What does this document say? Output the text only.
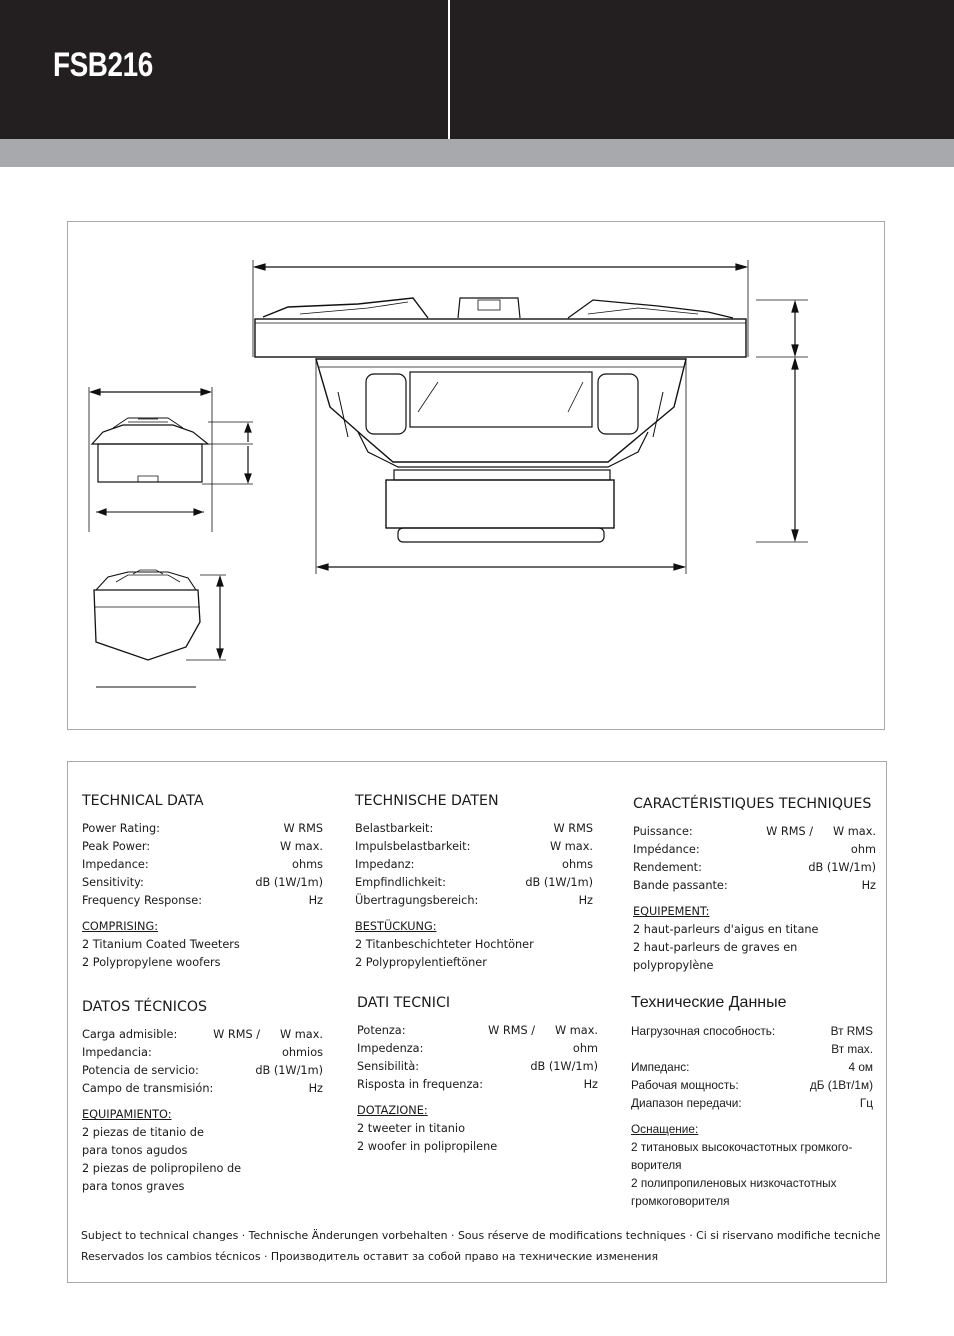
FSB216
TECHNICAL DATA
Power Rating:	W RMS
Peak Power:	W max.
Impedance:	ohms
Sensitivity:	dB (1W/1m)
Frequency Response:	Hz
COMPRISING:
2 Titanium Coated Tweeters
2 Polypropylene woofers
TECHNISCHE DATEN
Belastbarkeit:	W RMS
Impulsbelastbarkeit:	W max.
Impedanz:	ohms
Empfindlichkeit:	dB (1W/1m)
Übertragungsbereich:	Hz
BESTÜCKUNG:
2 Titanbeschichteter Hochtöner
2 Polypropylentieftöner
CARACTÉRISTIQUES TECHNIQUES
Puissance:	W RMS / W max.
Impédance:	ohm
Rendement:	dB (1W/1m)
Bande passante:	Hz
EQUIPEMENT:
2 haut-parleurs d'aigus en titane
2 haut-parleurs de graves en
polypropylène
DATOS TÉCNICOS
Carga admisible:	W RMS / W max.
Impedancia:	ohmios
Potencia de servicio:	dB (1W/1m)
Campo de transmisión:	Hz
EQUIPAMIENTO:
2 piezas de titanio de
para tonos agudos
2 piezas de polipropileno de
para tonos graves
DATI TECNICI
Potenza:	W RMS / W max.
Impedenza:	ohm
Sensibilità:	dB (1W/1m)
Risposta in frequenza:	Hz
DOTAZIONE:
2 tweeter in titanio
2 woofer in polipropilene
Технические Данные
Нагрузочная способность:	Вт RMS
Вт max.
Импеданс:	4 ом
Рабочая мощность:	дБ (1Вт/1м)
Диапазон передачи:	Гц
Оснащение:
2 титановых высокочастотных громкого-
ворителя
2 полипропиленовых низкочастотных
громкоговорителя
Subject to technical changes · Technische Änderungen vorbehalten · Sous réserve de modifications techniques · Ci si riservano modifiche tecniche
Reservados los cambios técnicos · Производитель оставит за собой право на технические изменения
